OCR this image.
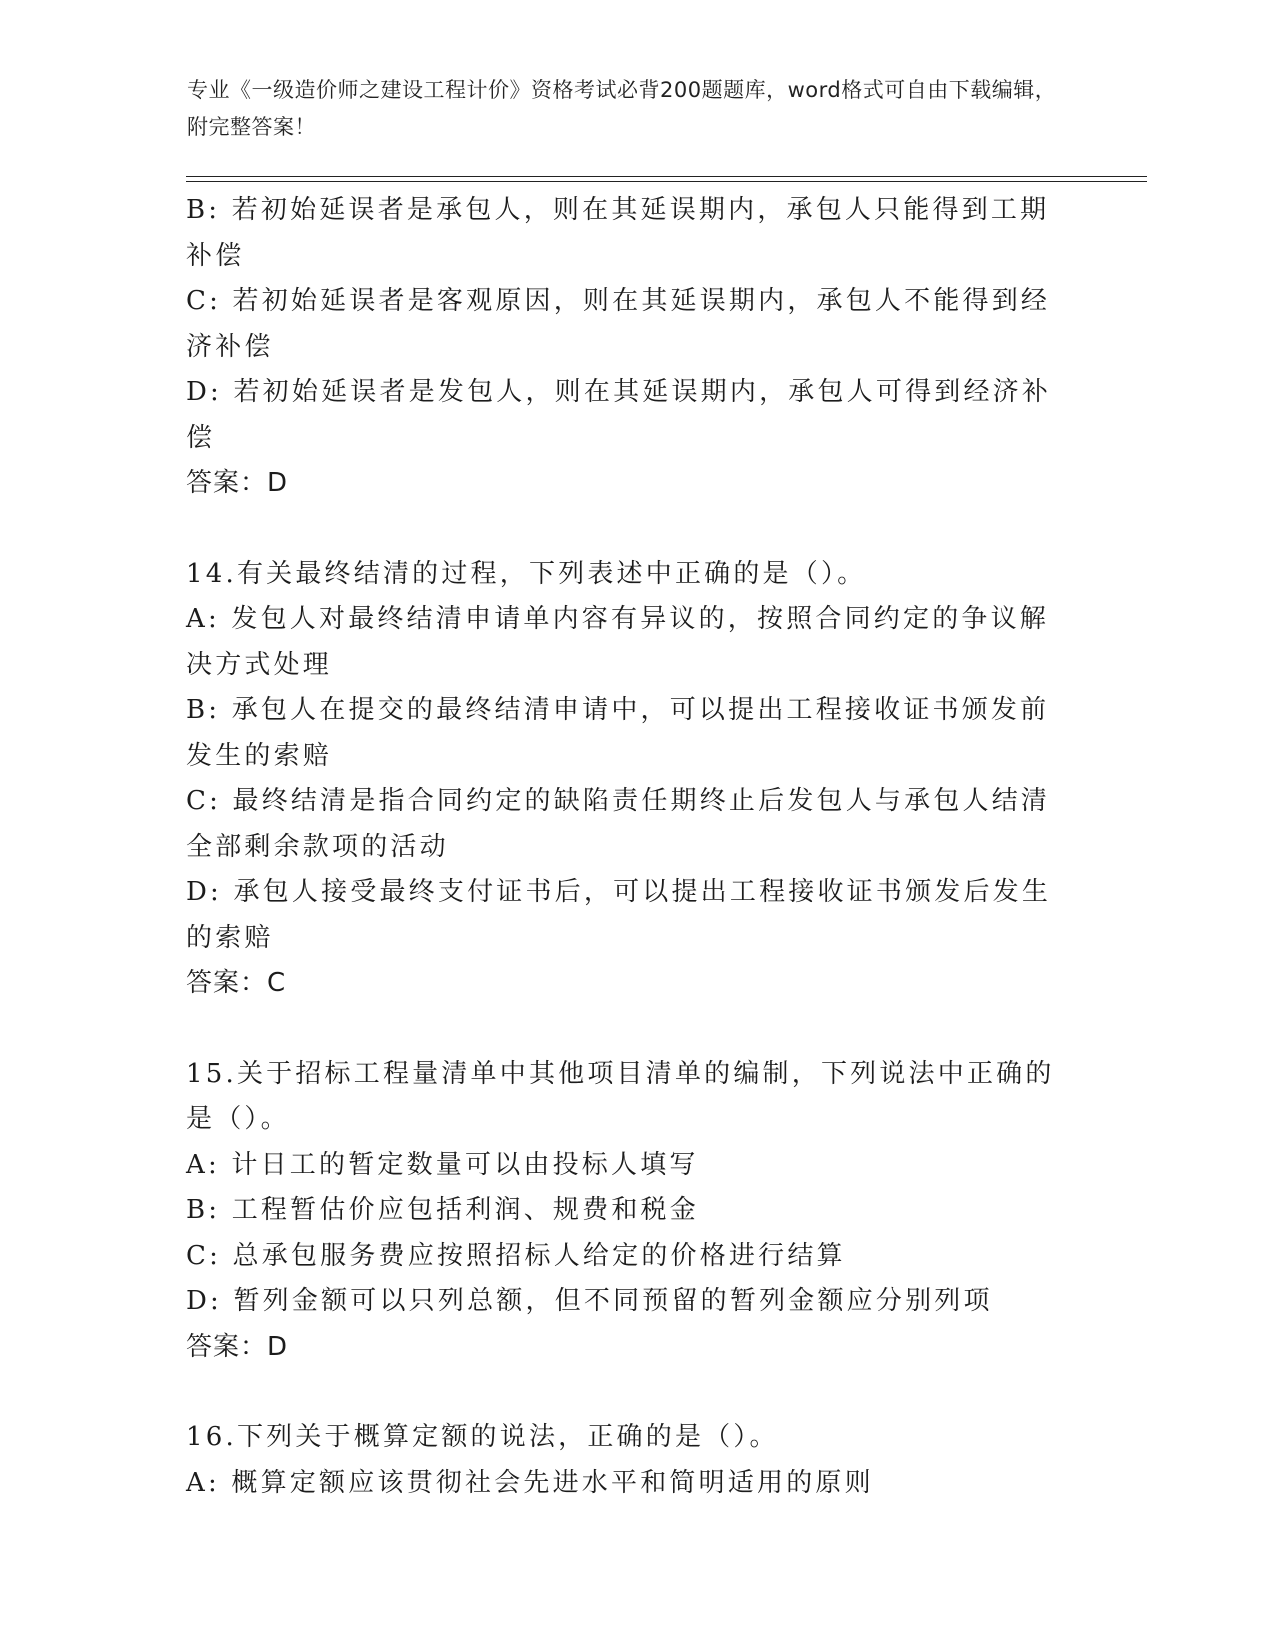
专业《一级造价师之建设工程计价》资格考试必背200题题库，word格式可自由下载编辑，附完整答案！
B: 若初始延误者是承包人，则在其延误期内，承包人只能得到工期补偿
C: 若初始延误者是客观原因，则在其延误期内，承包人不能得到经济补偿
D: 若初始延误者是发包人，则在其延误期内，承包人可得到经济补偿
答案：D
14.有关最终结清的过程，下列表述中正确的是（）。
A: 发包人对最终结清申请单内容有异议的，按照合同约定的争议解决方式处理
B: 承包人在提交的最终结清申请中，可以提出工程接收证书颁发前发生的索赔
C: 最终结清是指合同约定的缺陷责任期终止后发包人与承包人结清全部剩余款项的活动
D: 承包人接受最终支付证书后，可以提出工程接收证书颁发后发生的索赔
答案：C
15.关于招标工程量清单中其他项目清单的编制，下列说法中正确的是（）。
A: 计日工的暂定数量可以由投标人填写
B: 工程暂估价应包括利润、规费和税金
C: 总承包服务费应按照招标人给定的价格进行结算
D: 暂列金额可以只列总额，但不同预留的暂列金额应分别列项
答案：D
16.下列关于概算定额的说法，正确的是（）。
A: 概算定额应该贯彻社会先进水平和简明适用的原则
